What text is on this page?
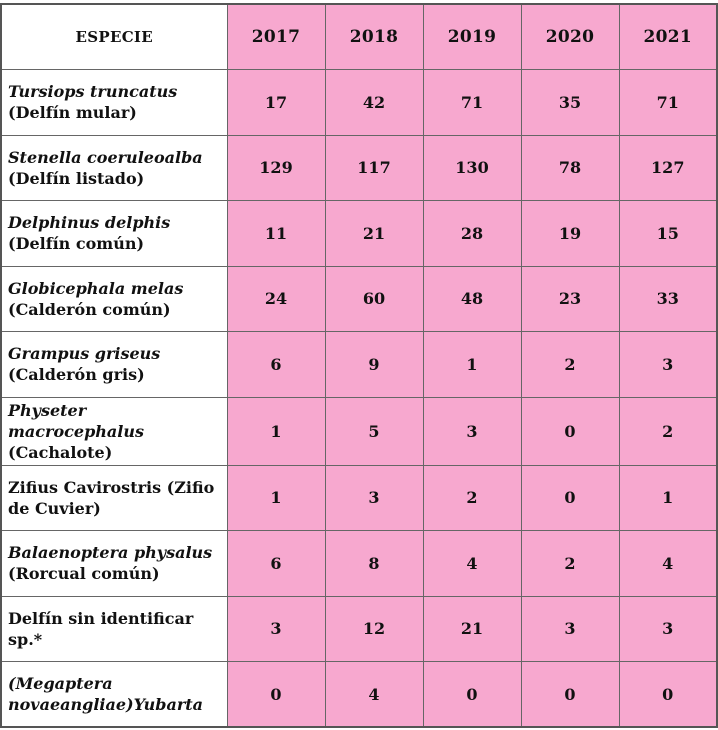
ESPECIE	2017	2018	2019	2020	2021
Tursiops truncatus
(Delfín mular)	17	42	71	35	71
Stenella coeruleoalba
(Delfín listado)	129	117	130	78	127
Delphinus delphis
(Delfín común)	11	21	28	19	15
Globicephala melas
(Calderón común)	24	60	48	23	33
Grampus griseus
(Calderón gris)	6	9	1	2	3
Physeter macrocephalus
(Cachalote)	1	5	3	0	2
Zifius Cavirostris (Zifio
de Cuvier)	1	3	2	0	1
Balaenoptera physalus
(Rorcual común)	6	8	4	2	4
Delfín sin identificar
sp.*	3	12	21	3	3
(Megaptera
novaeangliae)Yubarta	0	4	0	0	0
